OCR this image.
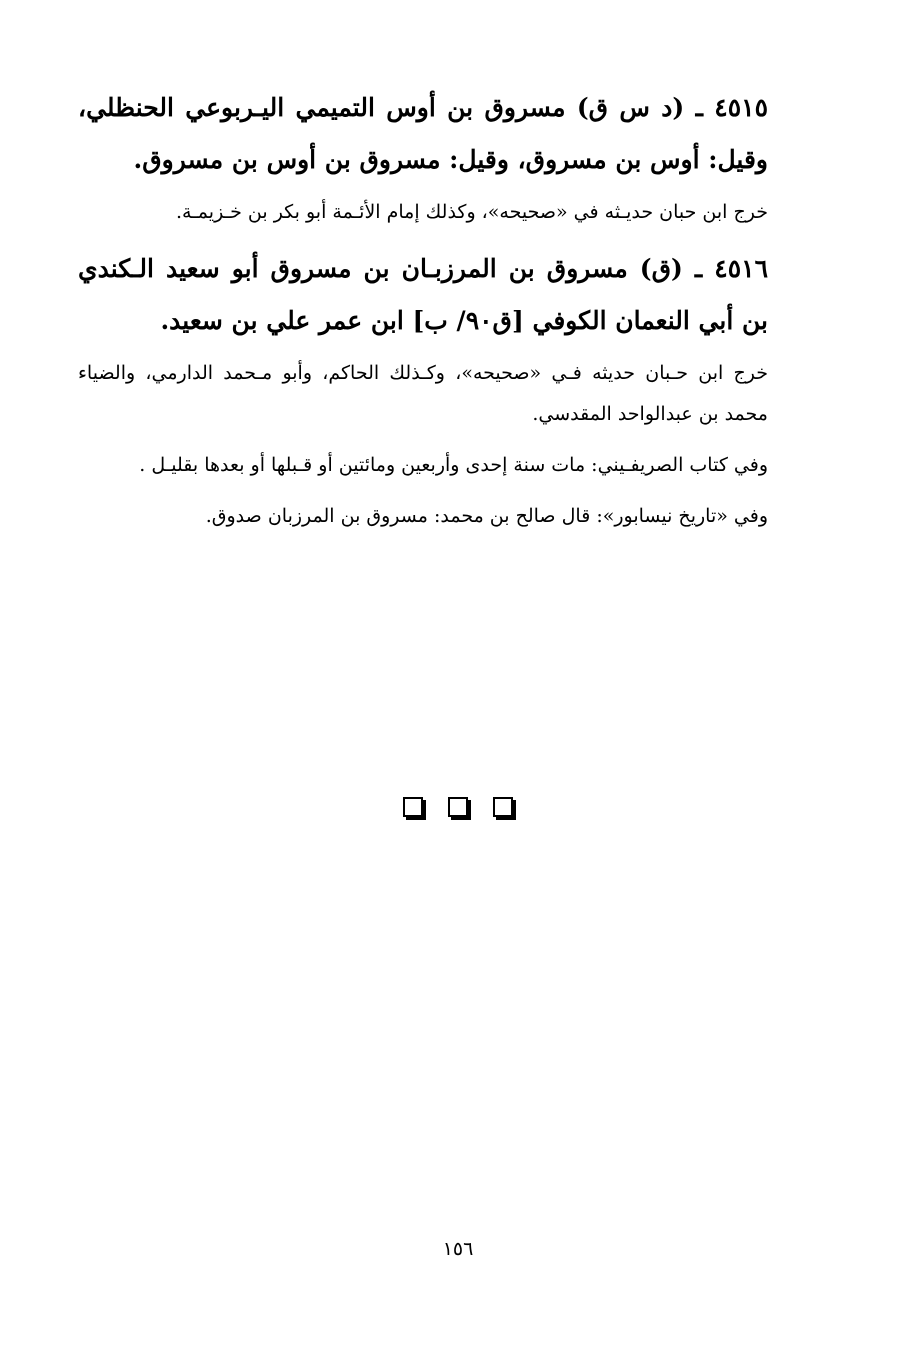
٤٥١٥ ـ (د س ق) مسروق بن أوس التميمي اليـربوعي الحنظلي، وقيل: أوس بن مسروق، وقيل: مسروق بن أوس بن مسروق.

خرج ابن حبان حديـثه في «صحيحه»، وكذلك إمام الأئـمة أبو بكر بن خـزيمـة.

٤٥١٦ ـ (ق) مسروق بن المرزبـان بن مسروق أبو سعيد الـكندي بن أبي النعمان الكوفي [ق٩٠/ ب] ابن عمر علي بن سعيد.

خرج ابن حـبان حديثه فـي «صحيحه»، وكـذلك الحاكم، وأبو مـحمد الدارمي، والضياء محمد بن عبدالواحد المقدسي.

وفي كتاب الصريفـيني: مات سنة إحدى وأربعين ومائتين أو قـبلها أو بعدها بقليـل .

وفي «تاريخ نيسابور»: قال صالح بن محمد: مسروق بن المرزبان صدوق.

١٥٦
